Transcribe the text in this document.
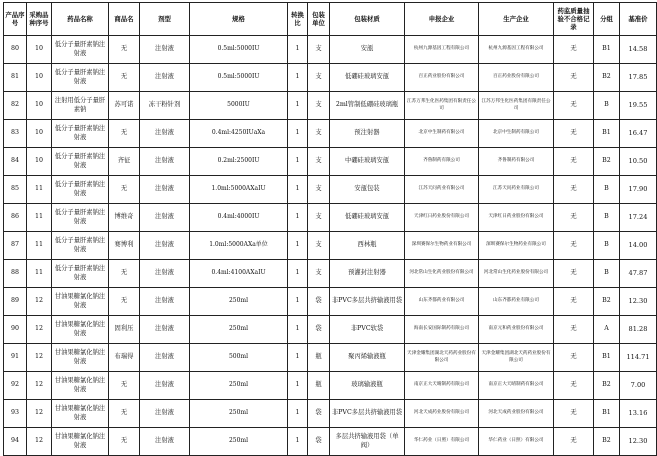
产品序号	采购品种序号	药品名称	商品名	剂型	规格	转换比	包装单位	包装材质	申报企业	生产企业	药监质量抽验不合格记录	分组	基准价
80	10	低分子量肝素钠注射液	无	注射液	0.5ml:5000IU	1	支	安瓿	杭州九源基因工程有限公司	杭州九源基因工程有限公司	无	B1	14.58
81	10	低分子量肝素钠注射液	无	注射液	0.5ml:5000IU	1	支	低硼硅玻璃安瓿	百正药业股份有限公司	百正药业股份有限公司	无	B2	17.85
82	10	注射用低分子量肝素钠	苏可诺	冻干粉针剂	5000IU	1	支	2ml管制低硼硅玻璃瓶	江苏万邦生化医药集团有限责任公司	江苏万邦生化医药集团有限责任公司	无	B	19.55
83	10	低分子量肝素钠注射液	无	注射液	0.4ml:4250IUaXa	1	支	预注射器	北京中生制药有限公司	北京中生制药有限公司	无	B1	16.47
84	10	低分子量肝素钠注射液	齐征	注射液	0.2ml:2500IU	1	支	中硼硅玻璃安瓿	齐鲁制药有限公司	齐鲁制药有限公司	无	B2	10.50
85	11	低分子量肝素钠注射液	无	注射液	1.0ml:5000AXaIU	1	支	安瓿包装	江苏天问药业有限公司	江苏天问药业有限公司	无	B	17.90
86	11	低分子量肝素钠注射液	博维奇	注射液	0.4ml:4000IU	1	支	低硼硅玻璃安瓿	天津红日药业股份有限公司	天津红日药业股份有限公司	无	B	17.24
87	11	低分子量肝素钠注射液	赛博利	注射液	1.0ml:5000AXa单位	1	支	西林瓶	深圳赛保尔生物药业有限公司	深圳赛保尔生物药业有限公司	无	B	14.00
88	11	低分子量肝素钠注射液	无	注射液	0.4ml:4100AXaIU	1	支	预灌封注射器	河北常山生化药业股份有限公司	河北常山生化药业股份有限公司	无	B	47.87
89	12	甘油果糖氯化钠注射液	无	注射液	250ml	1	袋	非PVC多层共挤输液用袋	山东齐都药业有限公司	山东齐都药业有限公司	无	B2	12.30
90	12	甘油果糖氯化钠注射液	固利压	注射液	250ml	1	袋	非PVC软袋	海南长安国际制药有限公司	南京元和药业股份有限公司	无	A	81.28
91	12	甘油果糖氯化钠注射液	布瑞得	注射液	500ml	1	瓶	聚丙烯输液瓶	天津金耀集团湖北天药药业股份有限公司	天津金耀集团湖北天药药业股份有限公司	无	B1	114.71
92	12	甘油果糖氯化钠注射液	无	注射液	250ml	1	瓶	玻璃输液瓶	南京正大天晴制药有限公司	南京正大天晴制药有限公司	无	B2	7.00
93	12	甘油果糖氯化钠注射液	无	注射液	250ml	1	袋	非PVC多层共挤输液用袋	河北天成药业股份有限公司	河北天成药业股份有限公司	无	B1	13.16
94	12	甘油果糖氯化钠注射液	无	注射液	250ml	1	袋	多层共挤输液用袋（单阀）	华仁药业（日照）有限公司	华仁药业（日照）有限公司	无	B2	12.30
